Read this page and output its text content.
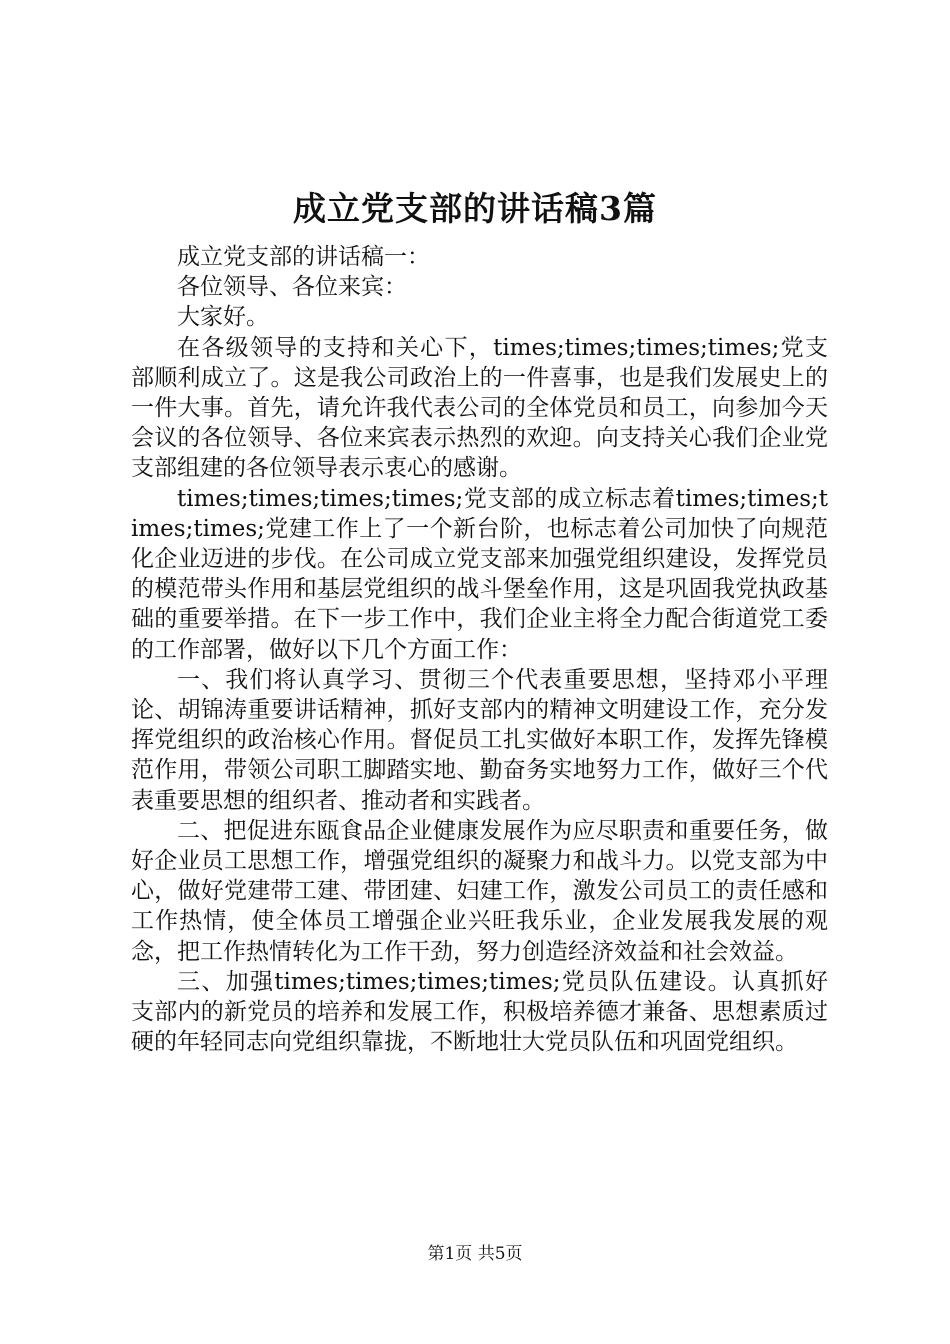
成立党支部的讲话稿3篇

成立党支部的讲话稿一：

各位领导、各位来宾：

大家好。

在各级领导的支持和关心下，times;times;times;times;党支部顺利成立了。这是我公司政治上的一件喜事，也是我们发展史上的一件大事。首先，请允许我代表公司的全体党员和员工，向参加今天会议的各位领导、各位来宾表示热烈的欢迎。向支持关心我们企业党支部组建的各位领导表示衷心的感谢。

times;times;times;times;党支部的成立标志着times;times;times;times;党建工作上了一个新台阶，也标志着公司加快了向规范化企业迈进的步伐。在公司成立党支部来加强党组织建设，发挥党员的模范带头作用和基层党组织的战斗堡垒作用，这是巩固我党执政基础的重要举措。在下一步工作中，我们企业主将全力配合街道党工委的工作部署，做好以下几个方面工作：

一、我们将认真学习、贯彻三个代表重要思想，坚持邓小平理论、胡锦涛重要讲话精神，抓好支部内的精神文明建设工作，充分发挥党组织的政治核心作用。督促员工扎实做好本职工作，发挥先锋模范作用，带领公司职工脚踏实地、勤奋务实地努力工作，做好三个代表重要思想的组织者、推动者和实践者。

二、把促进东瓯食品企业健康发展作为应尽职责和重要任务，做好企业员工思想工作，增强党组织的凝聚力和战斗力。以党支部为中心，做好党建带工建、带团建、妇建工作，激发公司员工的责任感和工作热情，使全体员工增强企业兴旺我乐业，企业发展我发展的观念，把工作热情转化为工作干劲，努力创造经济效益和社会效益。

三、加强times;times;times;times;党员队伍建设。认真抓好支部内的新党员的培养和发展工作，积极培养德才兼备、思想素质过硬的年轻同志向党组织靠拢，不断地壮大党员队伍和巩固党组织。

第1页 共5页
